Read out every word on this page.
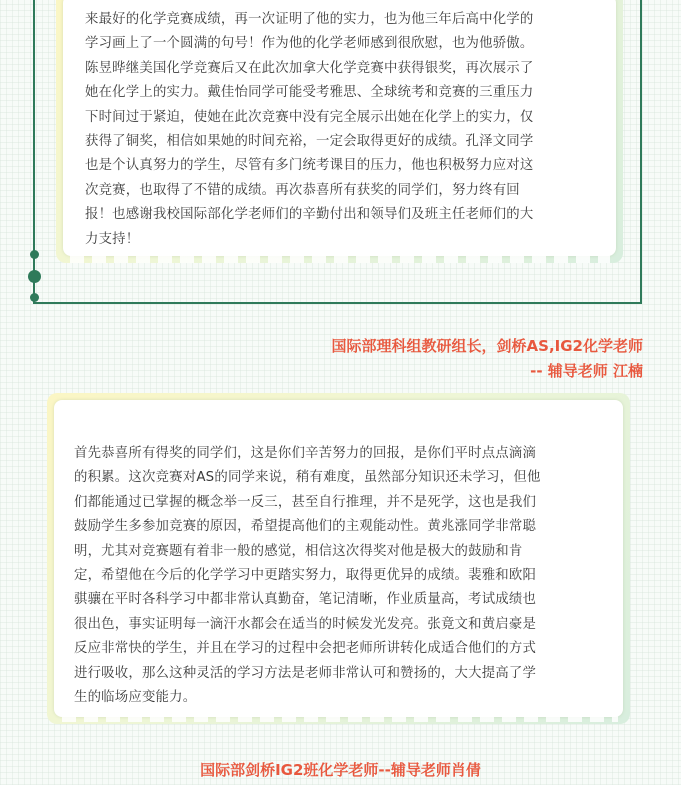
来最好的化学竞赛成绩，再一次证明了他的实力，也为他三年后高中化学的
学习画上了一个圆满的句号！作为他的化学老师感到很欣慰，也为他骄傲。
陈昱晔继美国化学竞赛后又在此次加拿大化学竞赛中获得银奖，再次展示了
她在化学上的实力。戴佳怡同学可能受考雅思、全球统考和竞赛的三重压力
下时间过于紧迫，使她在此次竞赛中没有完全展示出她在化学上的实力，仅
获得了铜奖，相信如果她的时间充裕，一定会取得更好的成绩。孔泽文同学
也是个认真努力的学生，尽管有多门统考课目的压力，他也积极努力应对这
次竞赛，也取得了不错的成绩。再次恭喜所有获奖的同学们，努力终有回
报！也感谢我校国际部化学老师们的辛勤付出和领导们及班主任老师们的大
力支持！

国际部理科组教研组长，剑桥AS,IG2化学老师

-- 辅导老师 江楠

首先恭喜所有得奖的同学们，这是你们辛苦努力的回报，是你们平时点点滴滴
的积累。这次竞赛对AS的同学来说，稍有难度，虽然部分知识还未学习，但他
们都能通过已掌握的概念举一反三，甚至自行推理，并不是死学，这也是我们
鼓励学生多参加竞赛的原因，希望提高他们的主观能动性。黄兆涨同学非常聪
明，尤其对竞赛题有着非一般的感觉，相信这次得奖对他是极大的鼓励和肯
定，希望他在今后的化学学习中更踏实努力，取得更优异的成绩。裴雅和欧阳
骐骧在平时各科学习中都非常认真勤奋，笔记清晰，作业质量高，考试成绩也
很出色，事实证明每一滴汗水都会在适当的时候发光发亮。张竟文和黄启豪是
反应非常快的学生，并且在学习的过程中会把老师所讲转化成适合他们的方式
进行吸收，那么这种灵活的学习方法是老师非常认可和赞扬的，大大提高了学
生的临场应变能力。

国际部剑桥IG2班化学老师--辅导老师肖倩
